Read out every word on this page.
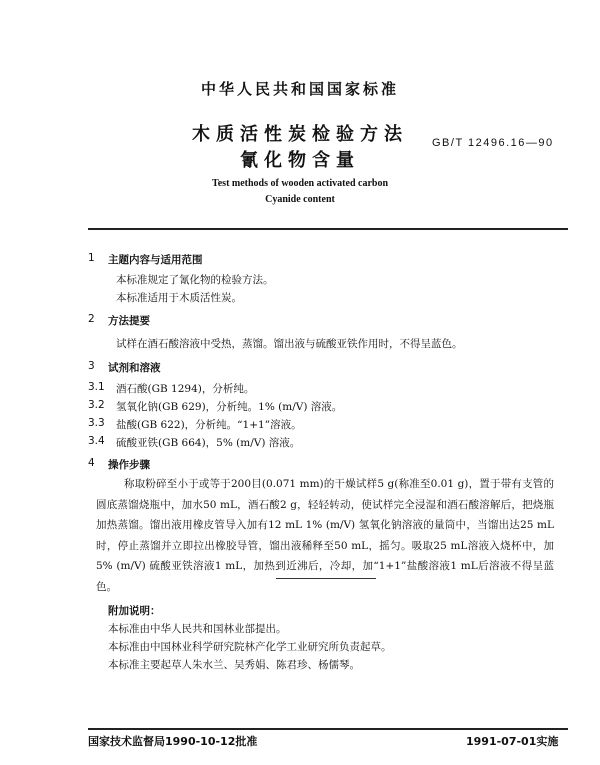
中华人民共和国国家标准
木质活性炭检验方法
氰化物含量
GB/T 12496.16—90
Test methods of wooden activated carbon
Cyanide content
1 主题内容与适用范围
本标准规定了氰化物的检验方法。
本标准适用于木质活性炭。
2 方法提要
试样在酒石酸溶液中受热，蒸馏。馏出液与硫酸亚铁作用时，不得呈蓝色。
3 试剂和溶液
3.1 酒石酸(GB 1294)，分析纯。
3.2 氢氧化钠(GB 629)，分析纯。1% (m/V) 溶液。
3.3 盐酸(GB 622)，分析纯。“1+1”溶液。
3.4 硫酸亚铁(GB 664)，5% (m/V) 溶液。
4 操作步骤
称取粉碎至小于或等于200目(0.071 mm)的干燥试样5 g(称准至0.01 g)，置于带有支管的圆底蒸馏烧瓶中，加水50 mL，酒石酸2 g，轻轻转动，使试样完全浸湿和酒石酸溶解后，把烧瓶加热蒸馏。馏出液用橡皮管导入加有12 mL 1% (m/V) 氢氧化钠溶液的量筒中，当馏出达25 mL时，停止蒸馏并立即拉出橡胶导管，馏出液稀释至50 mL，摇匀。吸取25 mL溶液入烧杯中，加5% (m/V) 硫酸亚铁溶液1 mL，加热到近沸后，冷却，加“1+1”盐酸溶液1 mL后溶液不得呈蓝色。
附加说明：
本标准由中华人民共和国林业部提出。
本标准由中国林业科学研究院林产化学工业研究所负责起草。
本标准主要起草人朱水兰、吴秀娟、陈君珍、杨儒琴。
国家技术监督局1990-10-12批准	1991-07-01实施
